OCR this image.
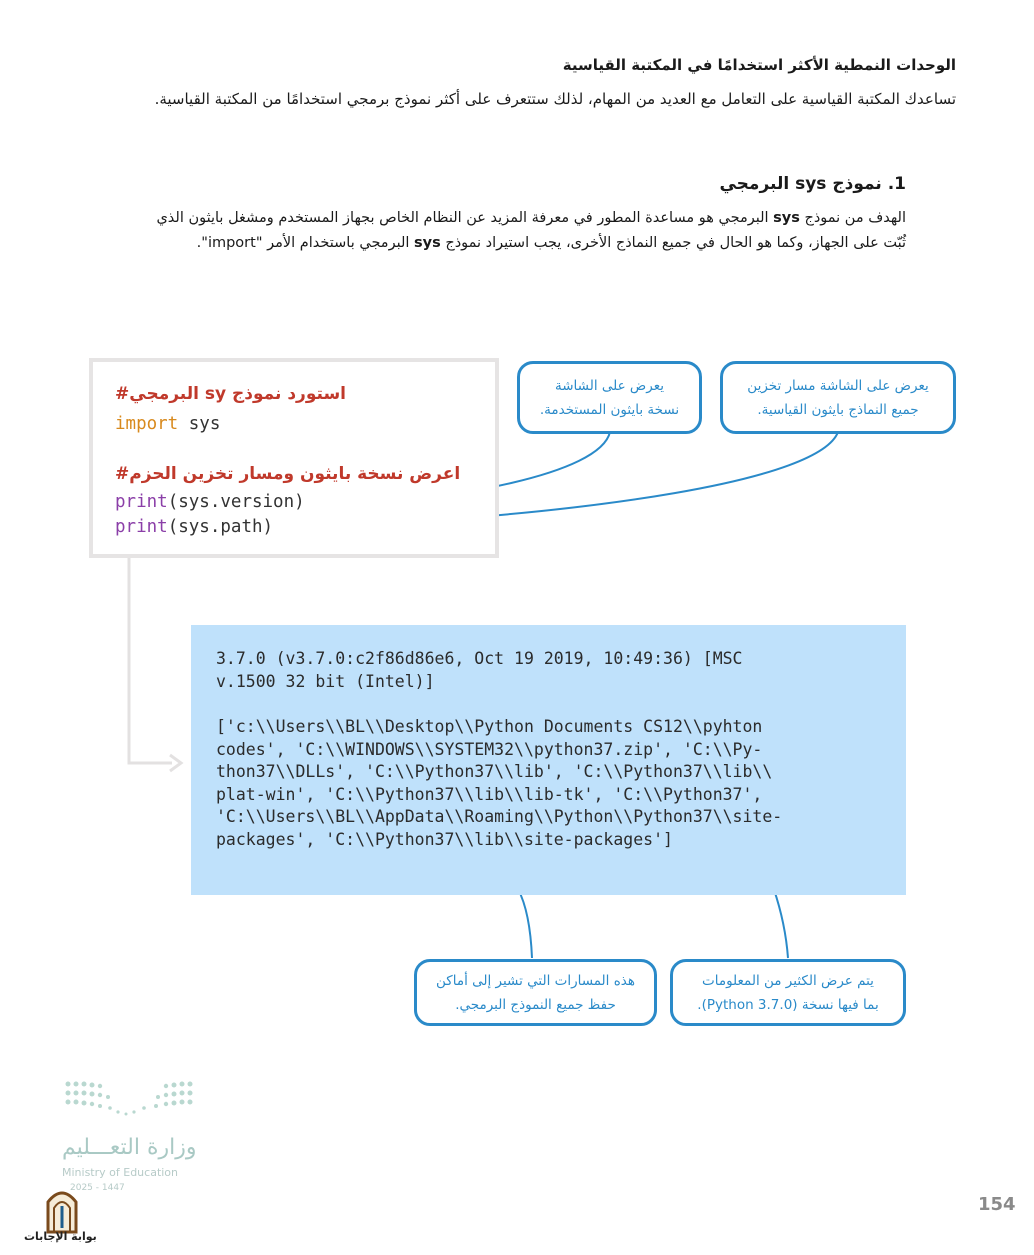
الوحدات النمطية الأكثر استخدامًا في المكتبة القياسية
تساعدك المكتبة القياسية على التعامل مع العديد من المهام، لذلك ستتعرف على أكثر نموذج برمجي استخدامًا من المكتبة القياسية.
1. نموذج sys البرمجي
الهدف من نموذج sys البرمجي هو مساعدة المطور في معرفة المزيد عن النظام الخاص بجهاز المستخدم ومشغل بايثون الذي
ثُبّت على الجهاز، وكما هو الحال في جميع النماذج الأخرى، يجب استيراد نموذج sys البرمجي باستخدام الأمر "import".
استورد نموذج sy البرمجي#
import sys
اعرض نسخة بايثون ومسار تخزين الحزم#
print(sys.version)
print(sys.path)
يعرض على الشاشة
نسخة بايثون المستخدمة.
يعرض على الشاشة مسار تخزين
جميع النماذج بايثون القياسية.
3.7.0 (v3.7.0:c2f86d86e6, Oct 19 2019, 10:49:36) [MSC
v.1500 32 bit (Intel)]
['c:\\Users\\BL\\Desktop\\Python Documents CS12\\pyhton
codes', 'C:\\WINDOWS\\SYSTEM32\\python37.zip', 'C:\\Py-
thon37\\DLLs', 'C:\\Python37\\lib', 'C:\\Python37\\lib\\
plat-win', 'C:\\Python37\\lib\\lib-tk', 'C:\\Python37',
'C:\\Users\\BL\\AppData\\Roaming\\Python\\Python37\\site-
packages', 'C:\\Python37\\lib\\site-packages']
هذه المسارات التي تشير إلى أماكن
حفظ جميع النموذج البرمجي.
يتم عرض الكثير من المعلومات
بما فيها نسخة (Python 3.7.0).
وزارة التعـــليم
Ministry of Education
2025 - 1447
بوابة الإجابات
154
